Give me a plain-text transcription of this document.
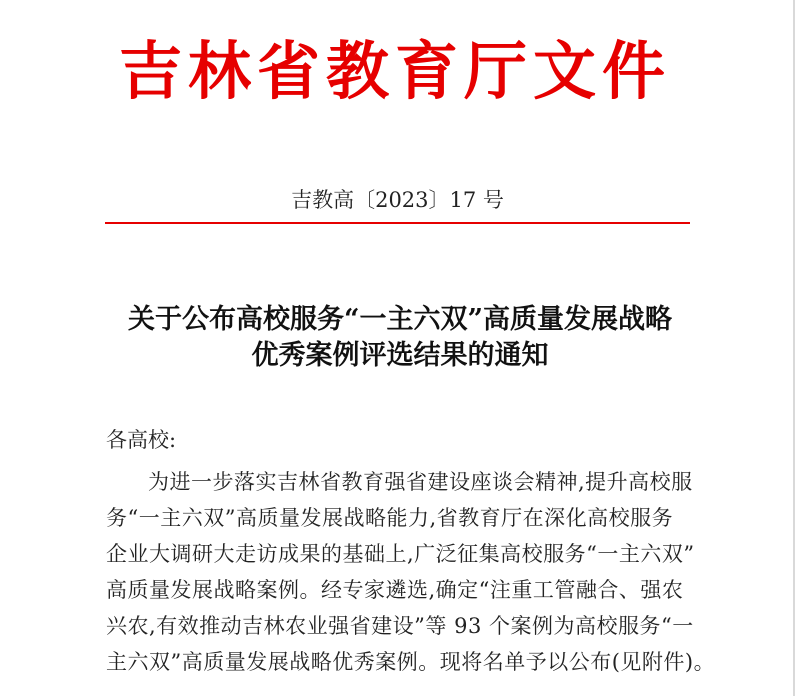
吉林省教育厅文件
吉教高〔2023〕17 号
关于公布高校服务“一主六双”高质量发展战略
优秀案例评选结果的通知
各高校:
为进一步落实吉林省教育强省建设座谈会精神,提升高校服
务“一主六双”高质量发展战略能力,省教育厅在深化高校服务
企业大调研大走访成果的基础上,广泛征集高校服务“一主六双”
高质量发展战略案例。经专家遴选,确定“注重工管融合、强农
兴农,有效推动吉林农业强省建设”等 93 个案例为高校服务“一
主六双”高质量发展战略优秀案例。现将名单予以公布(见附件)。
